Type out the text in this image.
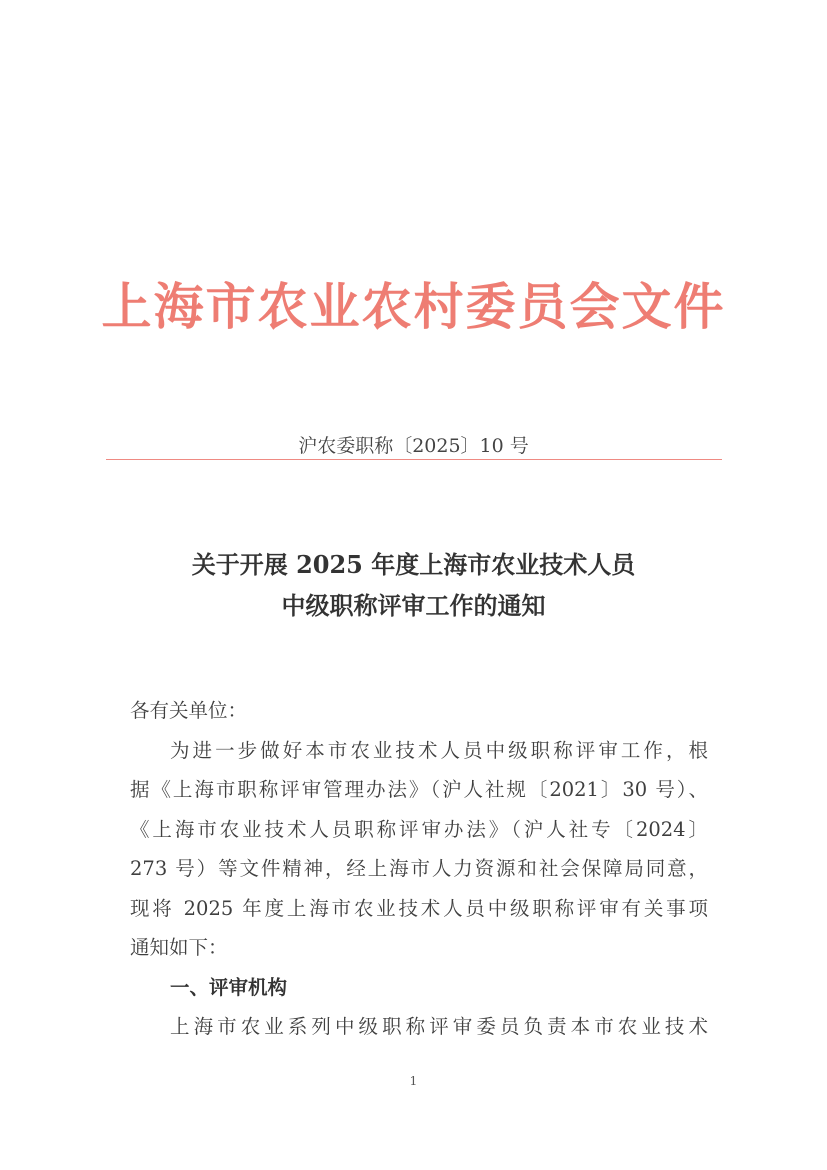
上海市农业农村委员会文件
沪农委职称〔2025〕10 号
关于开展 2025 年度上海市农业技术人员
中级职称评审工作的通知
各有关单位：
为进一步做好本市农业技术人员中级职称评审工作，根
据《上海市职称评审管理办法》（沪人社规〔2021〕30 号）、
《上海市农业技术人员职称评审办法》（沪人社专〔2024〕
273 号）等文件精神，经上海市人力资源和社会保障局同意，
现将 2025 年度上海市农业技术人员中级职称评审有关事项
通知如下：
一、评审机构
上海市农业系列中级职称评审委员负责本市农业技术
1
